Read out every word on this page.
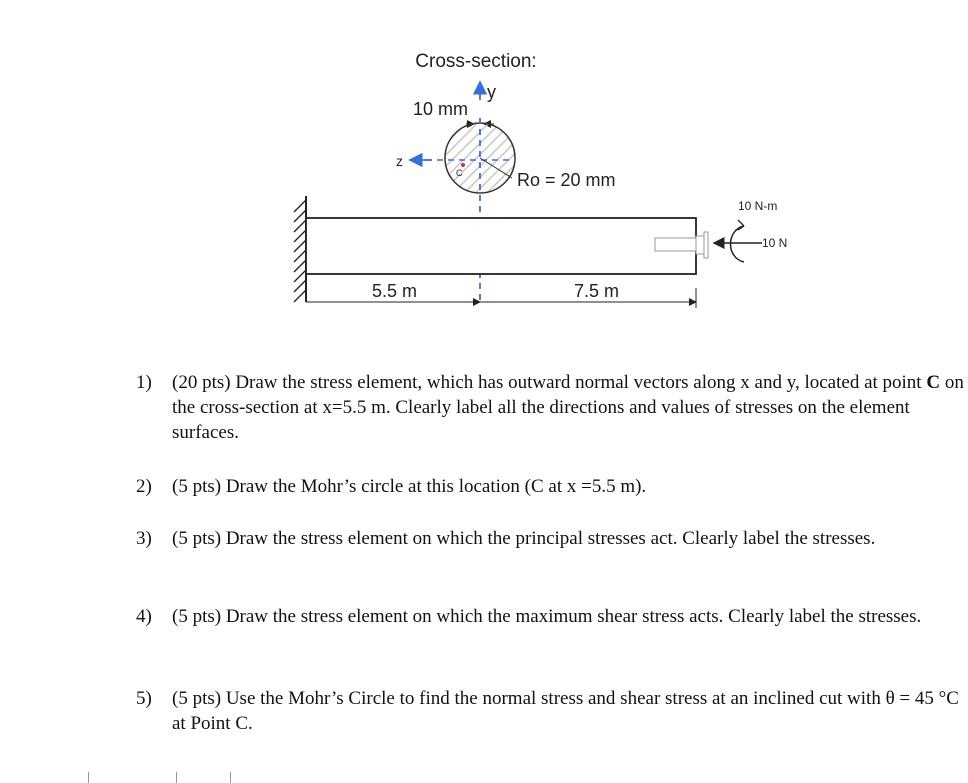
Cross-section:
y
10 mm
C
z
Ro = 20 mm
10 N-m
10 N
5.5 m	7.5 m
1) (20 pts) Draw the stress element, which has outward normal vectors along x and y, located at point C on the cross-section at x=5.5 m. Clearly label all the directions and values of stresses on the element surfaces.
2) (5 pts) Draw the Mohr’s circle at this location (C at x =5.5 m).
3) (5 pts) Draw the stress element on which the principal stresses act. Clearly label the stresses.
4) (5 pts) Draw the stress element on which the maximum shear stress acts. Clearly label the stresses.
5) (5 pts) Use the Mohr’s Circle to find the normal stress and shear stress at an inclined cut with θ = 45 °C at Point C.
